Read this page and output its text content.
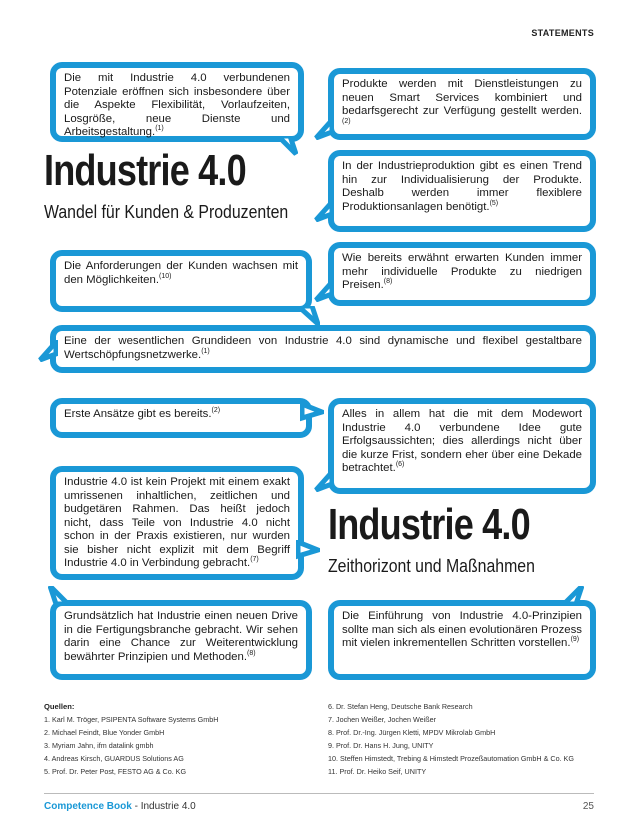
STATEMENTS
Die mit Industrie 4.0 verbundenen Potenziale eröffnen sich insbesondere über die Aspekte Flexibilität, Vorlaufzeiten, Losgröße, neue Dienste und Arbeitsgestaltung.$^{(1)}$
Produkte werden mit Dienstleistungen zu neuen Smart Services kombiniert und bedarfsgerecht zur Verfügung gestellt werden.$^{(2)}$
Industrie 4.0
Wandel für Kunden & Produzenten
In der Industrieproduktion gibt es einen Trend hin zur Individualisierung der Produkte. Deshalb werden immer flexiblere Produktionsanlagen benötigt.$^{(5)}$
Die Anforderungen der Kunden wachsen mit den Möglichkeiten.$^{(10)}$
Wie bereits erwähnt erwarten Kunden immer mehr individuelle Produkte zu niedrigen Preisen.$^{(8)}$
Eine der wesentlichen Grundideen von Industrie 4.0 sind dynamische und flexibel gestaltbare Wertschöpfungsnetzwerke.$^{(1)}$
Erste Ansätze gibt es bereits.$^{(2)}$	Alles in allem hat die mit dem Modewort Industrie 4.0 verbundene Idee gute Erfolgsaussichten; dies allerdings nicht über die kurze Frist, sondern eher über eine Dekade betrachtet.$^{(6)}$
Industrie 4.0 ist kein Projekt mit einem exakt umrissenen inhaltlichen, zeitlichen und budgetären Rahmen. Das heißt jedoch nicht, dass Teile von Industrie 4.0 nicht schon in der Praxis existieren, nur wurden sie bisher nicht explizit mit dem Begriff Industrie 4.0 in Verbindung gebracht.$^{(7)}$
Industrie 4.0
Zeithorizont und Maßnahmen
Grundsätzlich hat Industrie einen neuen Drive in die Fertigungsbranche gebracht. Wir sehen darin eine Chance zur Weiterentwicklung bewährter Prinzipien und Methoden.$^{(8)}$
Die Einführung von Industrie 4.0-Prinzipien sollte man sich als einen evolutionären Prozess mit vielen inkrementellen Schritten vorstellen.$^{(9)}$
Quellen:
1. Karl M. Tröger, PSIPENTA Software Systems GmbH
2. Michael Feindt, Blue Yonder GmbH
3. Myriam Jahn, ifm datalink gmbh
4. Andreas Kirsch, GUARDUS Solutions AG
5. Prof. Dr. Peter Post, FESTO AG & Co. KG
6. Dr. Stefan Heng, Deutsche Bank Research
7. Jochen Weißer, Jochen Weißer
8. Prof. Dr.-Ing. Jürgen Kletti, MPDV Mikrolab GmbH
9. Prof. Dr. Hans H. Jung, UNITY
10. Steffen Himstedt, Trebing & Himstedt Prozeßautomation GmbH & Co. KG
11. Prof. Dr. Heiko Seif, UNITY
Competence Book - Industrie 4.0	25
